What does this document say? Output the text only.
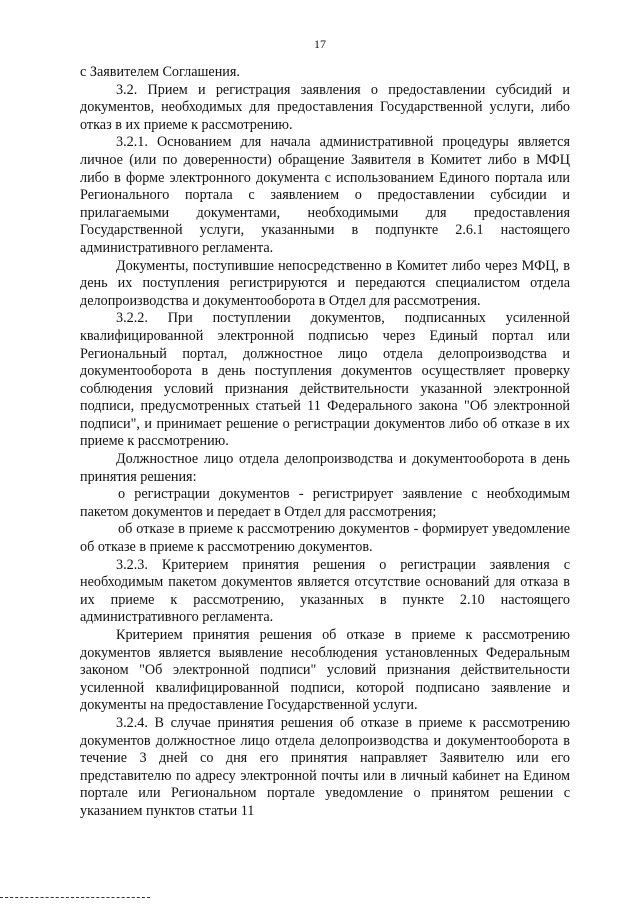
17

с Заявителем Соглашения.

3.2. Прием и регистрация заявления о предоставлении субсидий и документов, необходимых для предоставления Государственной услуги, либо отказ в их приеме к рассмотрению.

3.2.1. Основанием для начала административной процедуры является личное (или по доверенности) обращение Заявителя в Комитет либо в МФЦ либо в форме электронного документа с использованием Единого портала или Регионального портала с заявлением о предоставлении субсидии и прилагаемыми документами, необходимыми для предоставления Государственной услуги, указанными в подпункте 2.6.1 настоящего административного регламента.

Документы, поступившие непосредственно в Комитет либо через МФЦ, в день их поступления регистрируются и передаются специалистом отдела делопроизводства и документооборота в Отдел для рассмотрения.

3.2.2. При поступлении документов, подписанных усиленной квалифицированной электронной подписью через Единый портал или Региональный портал, должностное лицо отдела делопроизводства и документооборота в день поступления документов осуществляет проверку соблюдения условий признания действительности указанной электронной подписи, предусмотренных статьей 11 Федерального закона "Об электронной подписи", и принимает решение о регистрации документов либо об отказе в их приеме к рассмотрению.

Должностное лицо отдела делопроизводства и документооборота в день принятия решения:

о регистрации документов - регистрирует заявление с необходимым пакетом документов и передает в Отдел для рассмотрения;

об отказе в приеме к рассмотрению документов - формирует уведомление об отказе в приеме к рассмотрению документов.

3.2.3. Критерием принятия решения о регистрации заявления с необходимым пакетом документов является отсутствие оснований для отказа в их приеме к рассмотрению, указанных в пункте 2.10 настоящего административного регламента.

Критерием принятия решения об отказе в приеме к рассмотрению документов является выявление несоблюдения установленных Федеральным законом "Об электронной подписи" условий признания действительности усиленной квалифицированной подписи, которой подписано заявление и документы на предоставление Государственной услуги.

3.2.4. В случае принятия решения об отказе в приеме к рассмотрению документов должностное лицо отдела делопроизводства и документооборота в течение 3 дней со дня его принятия направляет Заявителю или его представителю по адресу электронной почты или в личный кабинет на Едином портале или Региональном портале уведомление о принятом решении с указанием пунктов статьи 11
